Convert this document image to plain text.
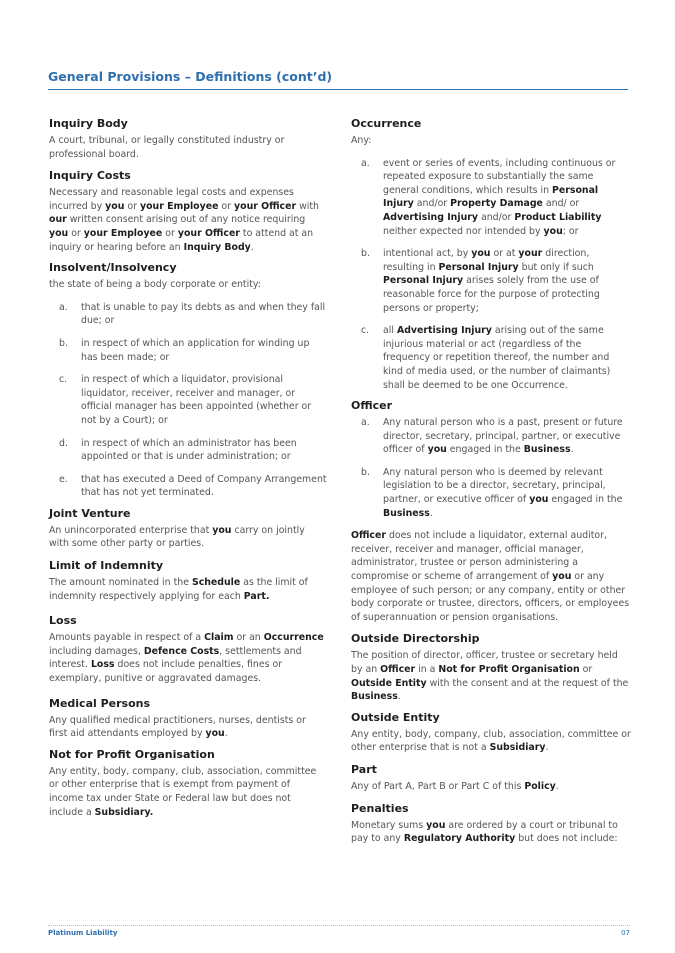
General Provisions – Definitions (cont’d)
Inquiry Body
A court, tribunal, or legally constituted industry or professional board.
Inquiry Costs
Necessary and reasonable legal costs and expenses incurred by you or your Employee or your Officer with our written consent arising out of any notice requiring you or your Employee or your Officer to attend at an inquiry or hearing before an Inquiry Body.
Insolvent/Insolvency
the state of being a body corporate or entity:
a.	that is unable to pay its debts as and when they fall due; or
b.	in respect of which an application for winding up has been made; or
c.	in respect of which a liquidator, provisional liquidator, receiver, receiver and manager, or official manager has been appointed (whether or not by a Court); or
d.	in respect of which an administrator has been appointed or that is under administration; or
e.	that has executed a Deed of Company Arrangement that has not yet terminated.
Joint Venture
An unincorporated enterprise that you carry on jointly with some other party or parties.
Limit of Indemnity
The amount nominated in the Schedule as the limit of indemnity respectively applying for each Part.
Loss
Amounts payable in respect of a Claim or an Occurrence including damages, Defence Costs, settlements and interest. Loss does not include penalties, fines or exemplary, punitive or aggravated damages.
Medical Persons
Any qualified medical practitioners, nurses, dentists or first aid attendants employed by you.
Not for Profit Organisation
Any entity, body, company, club, association, committee or other enterprise that is exempt from payment of income tax under State or Federal law but does not include a Subsidiary.
Occurrence
Any:
a.	event or series of events, including continuous or repeated exposure to substantially the same general conditions, which results in Personal Injury and/or Property Damage and/ or Advertising Injury and/or Product Liability neither expected nor intended by you; or
b.	intentional act, by you or at your direction, resulting in Personal Injury but only if such Personal Injury arises solely from the use of reasonable force for the purpose of protecting persons or property;
c.	all Advertising Injury arising out of the same injurious material or act (regardless of the frequency or repetition thereof, the number and kind of media used, or the number of claimants) shall be deemed to be one Occurrence.
Officer
a.	Any natural person who is a past, present or future director, secretary, principal, partner, or executive officer of you engaged in the Business.
b.	Any natural person who is deemed by relevant legislation to be a director, secretary, principal, partner, or executive officer of you engaged in the Business.
Officer does not include a liquidator, external auditor, receiver, receiver and manager, official manager, administrator, trustee or person administering a compromise or scheme of arrangement of you or any employee of such person; or any company, entity or other body corporate or trustee, directors, officers, or employees of superannuation or pension organisations.
Outside Directorship
The position of director, officer, trustee or secretary held by an Officer in a Not for Profit Organisation or Outside Entity with the consent and at the request of the Business.
Outside Entity
Any entity, body, company, club, association, committee or other enterprise that is not a Subsidiary.
Part
Any of Part A, Part B or Part C of this Policy.
Penalties
Monetary sums you are ordered by a court or tribunal to pay to any Regulatory Authority but does not include:
Platinum Liability	07
